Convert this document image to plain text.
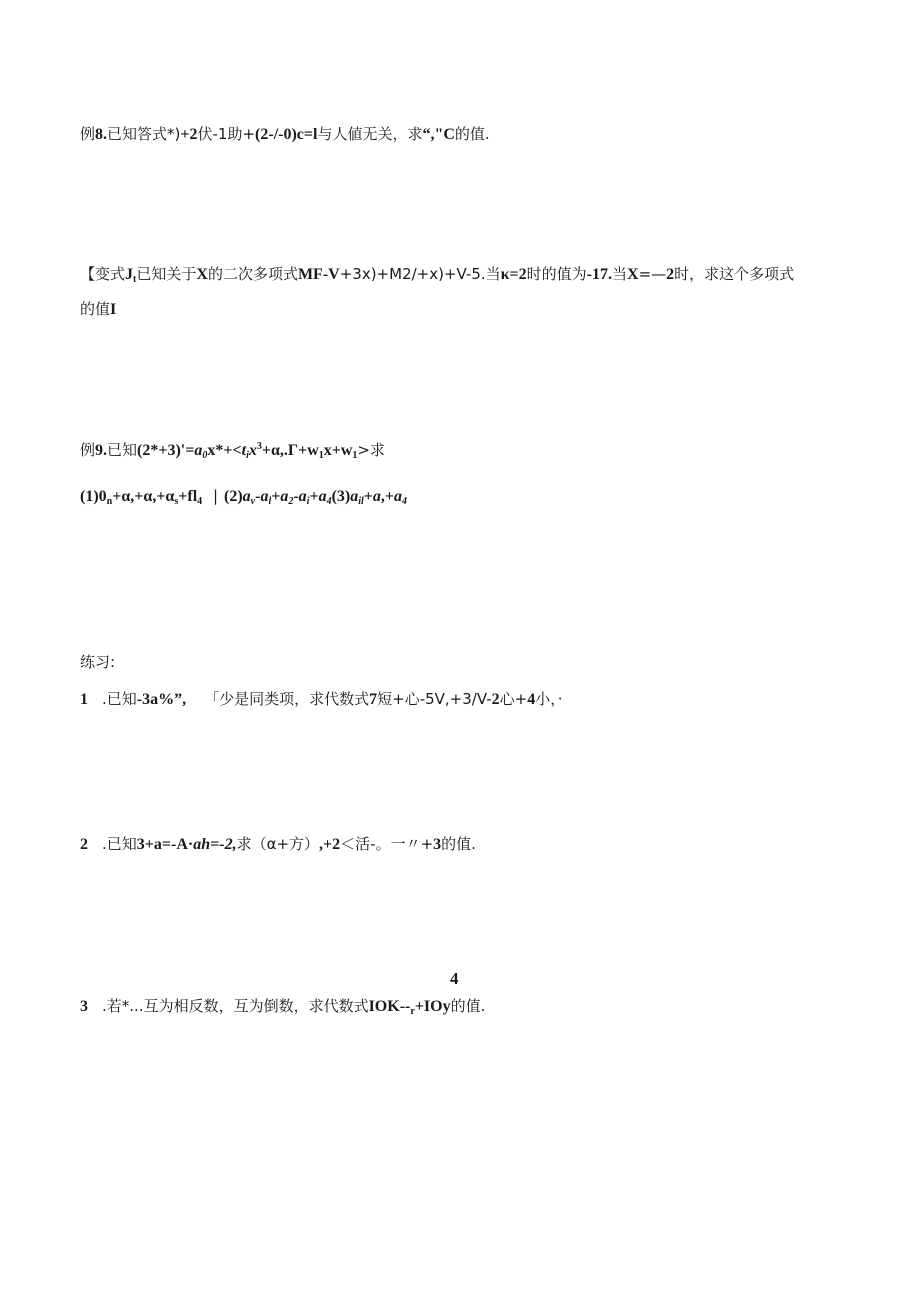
例8.已知答式*)+2伏-1助+(2-/-0)c=l与人値无关，求“,"C的值.
【变式$J_t$已知关于X的二次多项式MF-V+3x)+M2/+x)+V-5.当κ=2时的值为-17.当X=—2时，求这个多项式
的值I
例9.已知$(2*+3)'=a_0x*+<t_ix^3+\alpha,.\Gamma+w_1x+w_1>$求
$(1)0_n+\alpha,+\alpha,+\alpha_s+fl_4$ | $(2)a_v-a_l+a_2-a_i+a_4(3)a_{il}+a,+a_4$
练习:
1 .已知-3a%”, 「少是同类项，求代数式7短+心-5V,+3/V-2心+4小，·
2 .已知3+a=-A·ah=-2,求（α+方）,+2＜活-。一〃+3的值.
4
3 .若*...互为相反数，互为倒数，求代数式IOK-$-_r+IOy$的值.
